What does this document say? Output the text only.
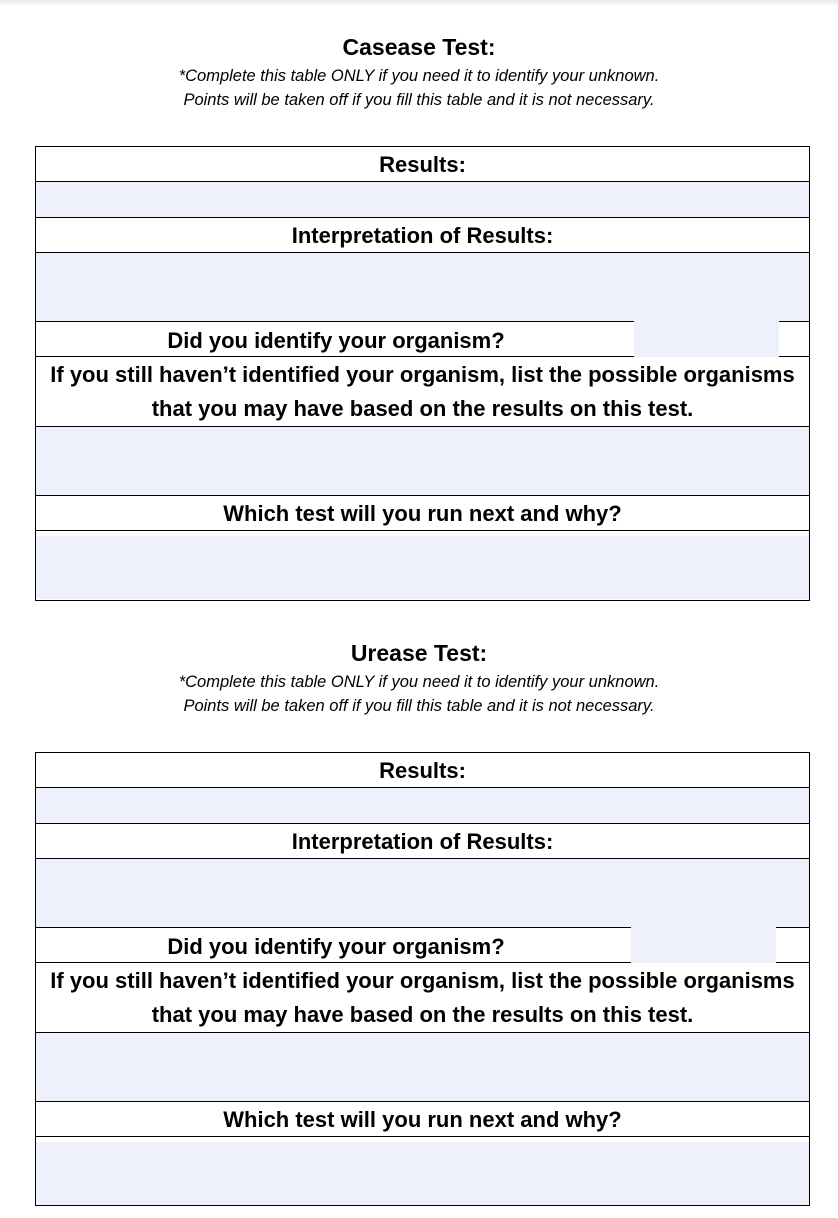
Casease Test:
*Complete this table ONLY if you need it to identify your unknown.
Points will be taken off if you fill this table and it is not necessary.
Results:
Interpretation of Results:
Did you identify your organism?
If you still haven’t identified your organism, list the possible organisms that you may have based on the results on this test.
Which test will you run next and why?
Urease Test:
*Complete this table ONLY if you need it to identify your unknown.
Points will be taken off if you fill this table and it is not necessary.
Results:
Interpretation of Results:
Did you identify your organism?
If you still haven’t identified your organism, list the possible organisms that you may have based on the results on this test.
Which test will you run next and why?
